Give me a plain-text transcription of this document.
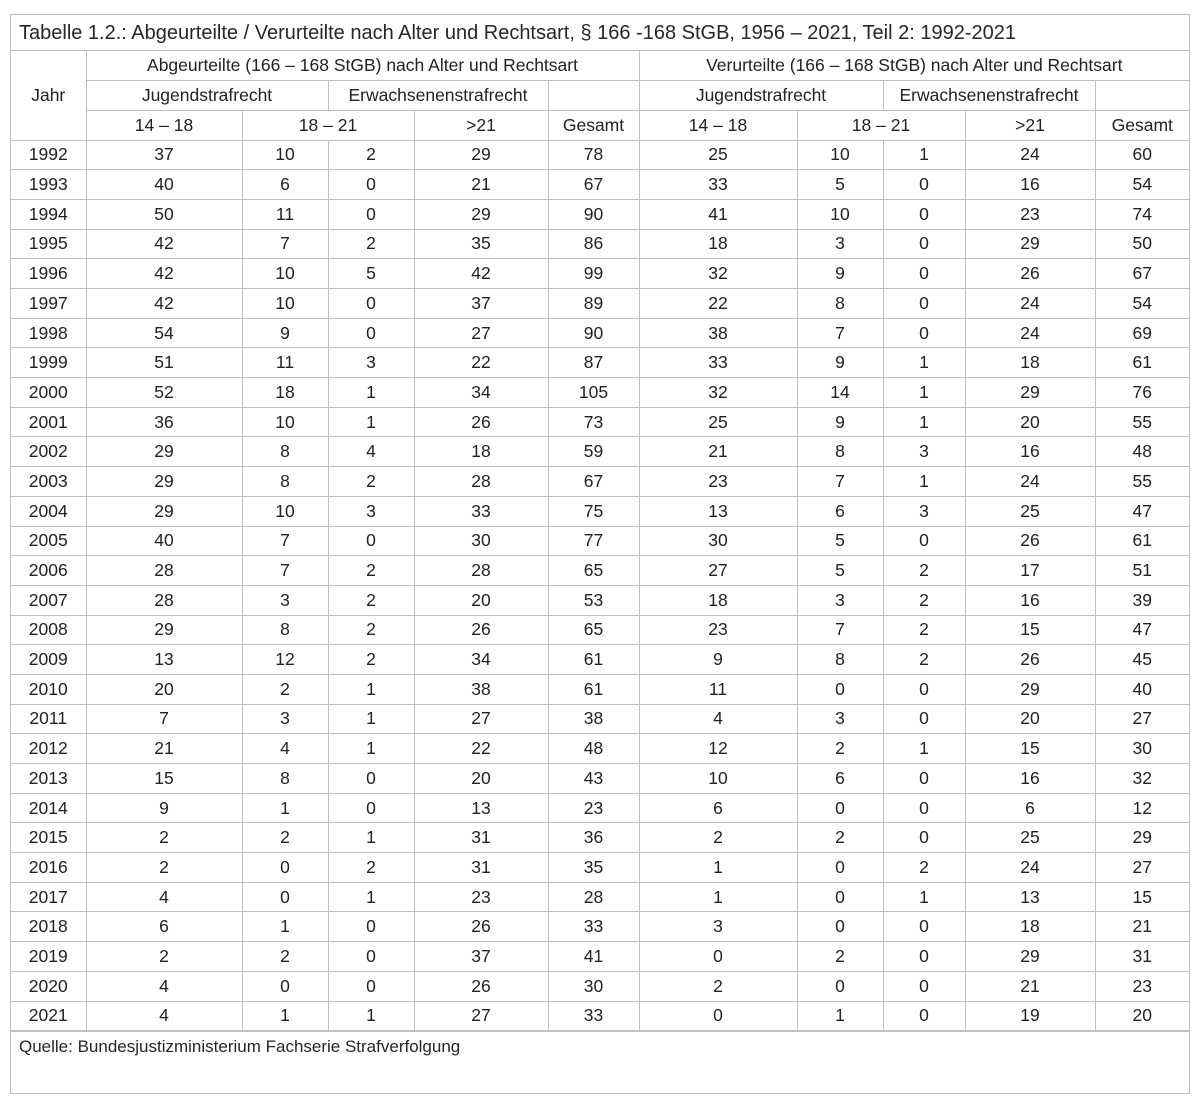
Tabelle 1.2.: Abgeurteilte / Verurteilte nach Alter und Rechtsart, § 166 -168 StGB, 1956 – 2021, Teil 2: 1992-2021
Jahr	Abgeurteilte (166 – 168 StGB) nach Alter und Rechtsart					Verurteilte (166 – 168 StGB) nach Alter und Rechtsart				
	Jugendstrafrecht		Erwachsenenstrafrecht			Jugendstrafrecht		Erwachsenenstrafrecht		
	14 – 18	18 – 21		>21	Gesamt	14 – 18	18 – 21		>21	Gesamt
1992	37	10	2	29	78	25	10	1	24	60
1993	40	6	0	21	67	33	5	0	16	54
1994	50	11	0	29	90	41	10	0	23	74
1995	42	7	2	35	86	18	3	0	29	50
1996	42	10	5	42	99	32	9	0	26	67
1997	42	10	0	37	89	22	8	0	24	54
1998	54	9	0	27	90	38	7	0	24	69
1999	51	11	3	22	87	33	9	1	18	61
2000	52	18	1	34	105	32	14	1	29	76
2001	36	10	1	26	73	25	9	1	20	55
2002	29	8	4	18	59	21	8	3	16	48
2003	29	8	2	28	67	23	7	1	24	55
2004	29	10	3	33	75	13	6	3	25	47
2005	40	7	0	30	77	30	5	0	26	61
2006	28	7	2	28	65	27	5	2	17	51
2007	28	3	2	20	53	18	3	2	16	39
2008	29	8	2	26	65	23	7	2	15	47
2009	13	12	2	34	61	9	8	2	26	45
2010	20	2	1	38	61	11	0	0	29	40
2011	7	3	1	27	38	4	3	0	20	27
2012	21	4	1	22	48	12	2	1	15	30
2013	15	8	0	20	43	10	6	0	16	32
2014	9	1	0	13	23	6	0	0	6	12
2015	2	2	1	31	36	2	2	0	25	29
2016	2	0	2	31	35	1	0	2	24	27
2017	4	0	1	23	28	1	0	1	13	15
2018	6	1	0	26	33	3	0	0	18	21
2019	2	2	0	37	41	0	2	0	29	31
2020	4	0	0	26	30	2	0	0	21	23
2021	4	1	1	27	33	0	1	0	19	20
Quelle: Bundesjustizministerium Fachserie Strafverfolgung
